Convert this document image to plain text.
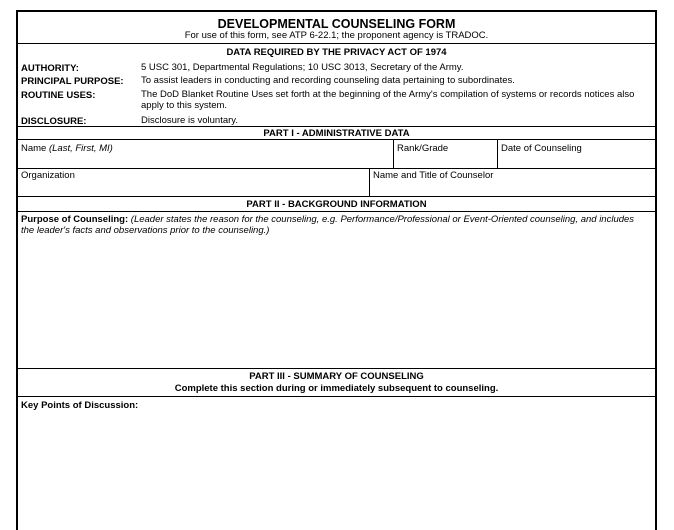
DEVELOPMENTAL COUNSELING FORM
For use of this form, see ATP 6-22.1; the proponent agency is TRADOC.
DATA REQUIRED BY THE PRIVACY ACT OF 1974
AUTHORITY:	5 USC 301, Departmental Regulations; 10 USC 3013, Secretary of the Army.
PRINCIPAL PURPOSE: To assist leaders in conducting and recording counseling data pertaining to subordinates.
ROUTINE USES:	The DoD Blanket Routine Uses set forth at the beginning of the Army's compilation of systems or records notices also apply to this system.
DISCLOSURE:	Disclosure is voluntary.
PART I - ADMINISTRATIVE DATA
Name (Last, First, MI)	Rank/Grade	Date of Counseling
Organization	Name and Title of Counselor
PART II - BACKGROUND INFORMATION
Purpose of Counseling: (Leader states the reason for the counseling, e.g. Performance/Professional or Event-Oriented counseling, and includes the leader's facts and observations prior to the counseling.)
PART III - SUMMARY OF COUNSELING
Complete this section during or immediately subsequent to counseling.
Key Points of Discussion:
